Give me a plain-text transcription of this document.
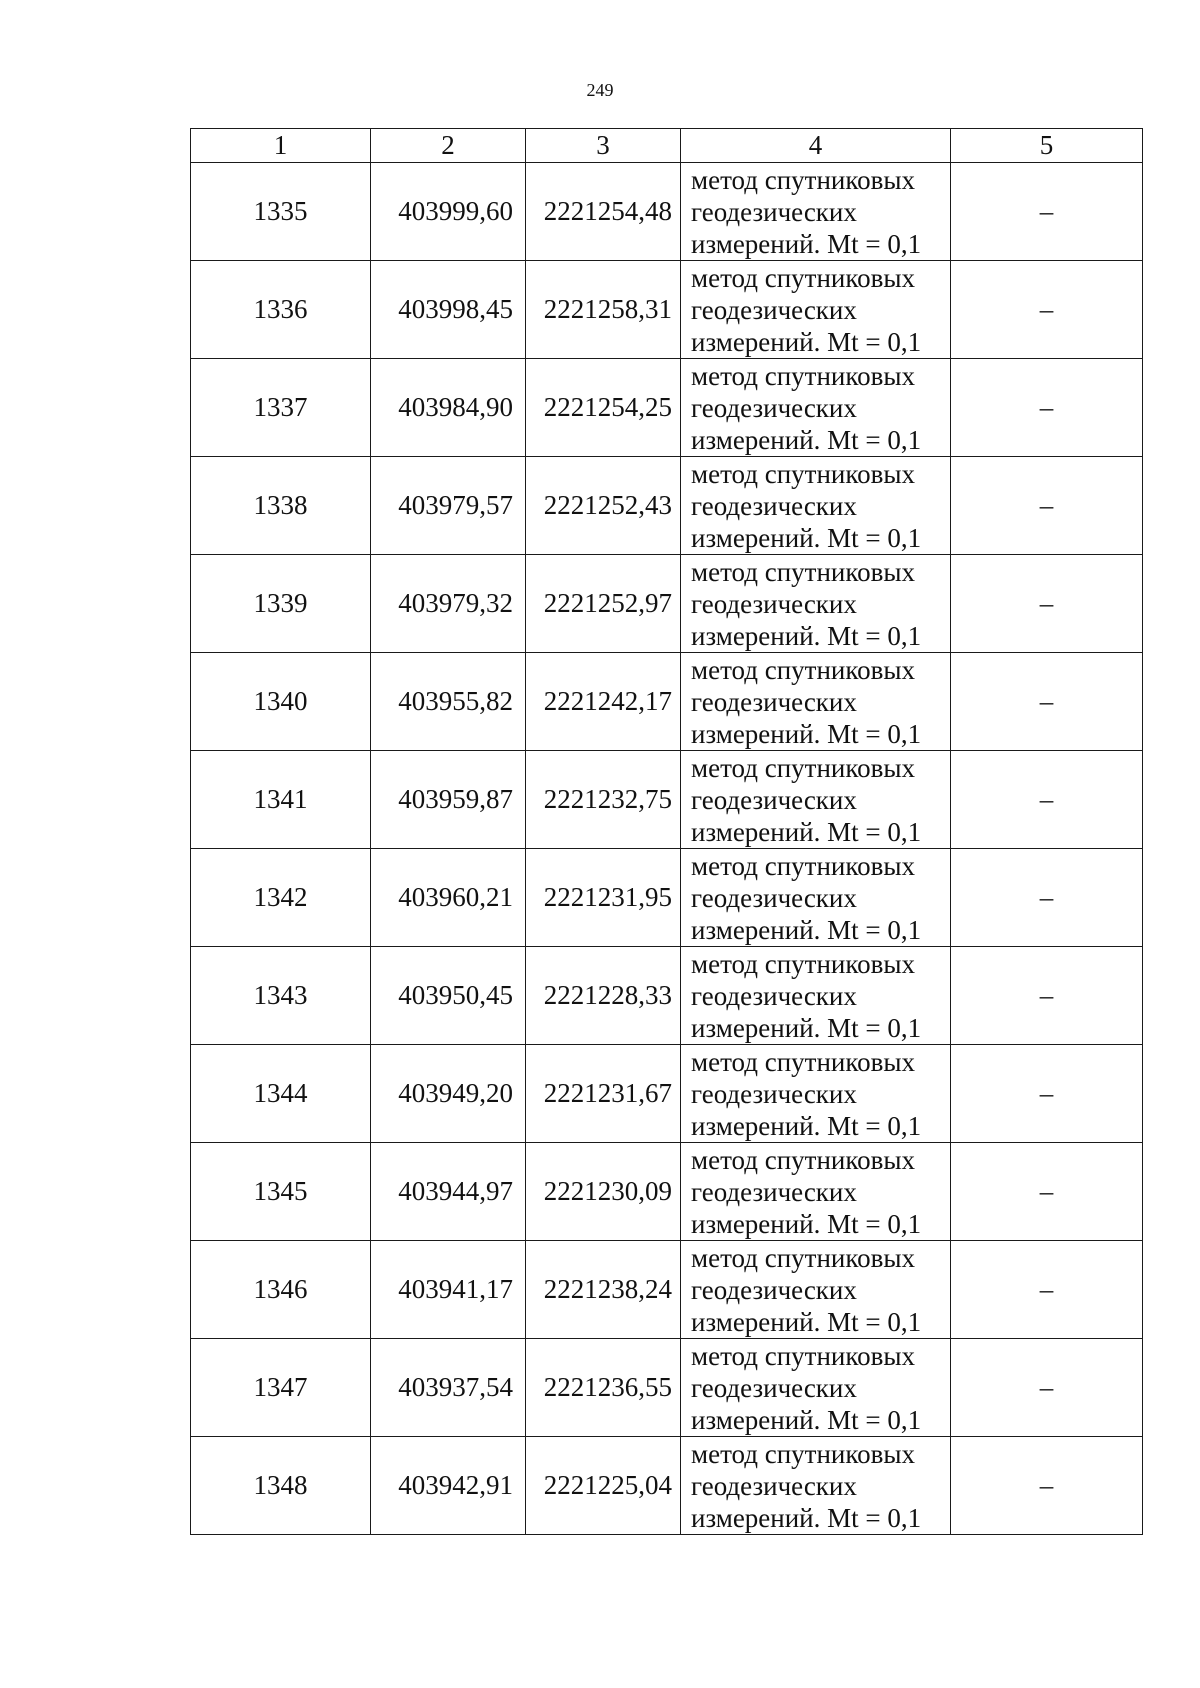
249
1	2	3	4	5
1335	403999,60	2221254,48	метод спутниковых
геодезических
измерений. Mt = 0,1	–
1336	403998,45	2221258,31	метод спутниковых
геодезических
измерений. Mt = 0,1	–
1337	403984,90	2221254,25	метод спутниковых
геодезических
измерений. Mt = 0,1	–
1338	403979,57	2221252,43	метод спутниковых
геодезических
измерений. Mt = 0,1	–
1339	403979,32	2221252,97	метод спутниковых
геодезических
измерений. Mt = 0,1	–
1340	403955,82	2221242,17	метод спутниковых
геодезических
измерений. Mt = 0,1	–
1341	403959,87	2221232,75	метод спутниковых
геодезических
измерений. Mt = 0,1	–
1342	403960,21	2221231,95	метод спутниковых
геодезических
измерений. Mt = 0,1	–
1343	403950,45	2221228,33	метод спутниковых
геодезических
измерений. Mt = 0,1	–
1344	403949,20	2221231,67	метод спутниковых
геодезических
измерений. Mt = 0,1	–
1345	403944,97	2221230,09	метод спутниковых
геодезических
измерений. Mt = 0,1	–
1346	403941,17	2221238,24	метод спутниковых
геодезических
измерений. Mt = 0,1	–
1347	403937,54	2221236,55	метод спутниковых
геодезических
измерений. Mt = 0,1	–
1348	403942,91	2221225,04	метод спутниковых
геодезических
измерений. Mt = 0,1	–
